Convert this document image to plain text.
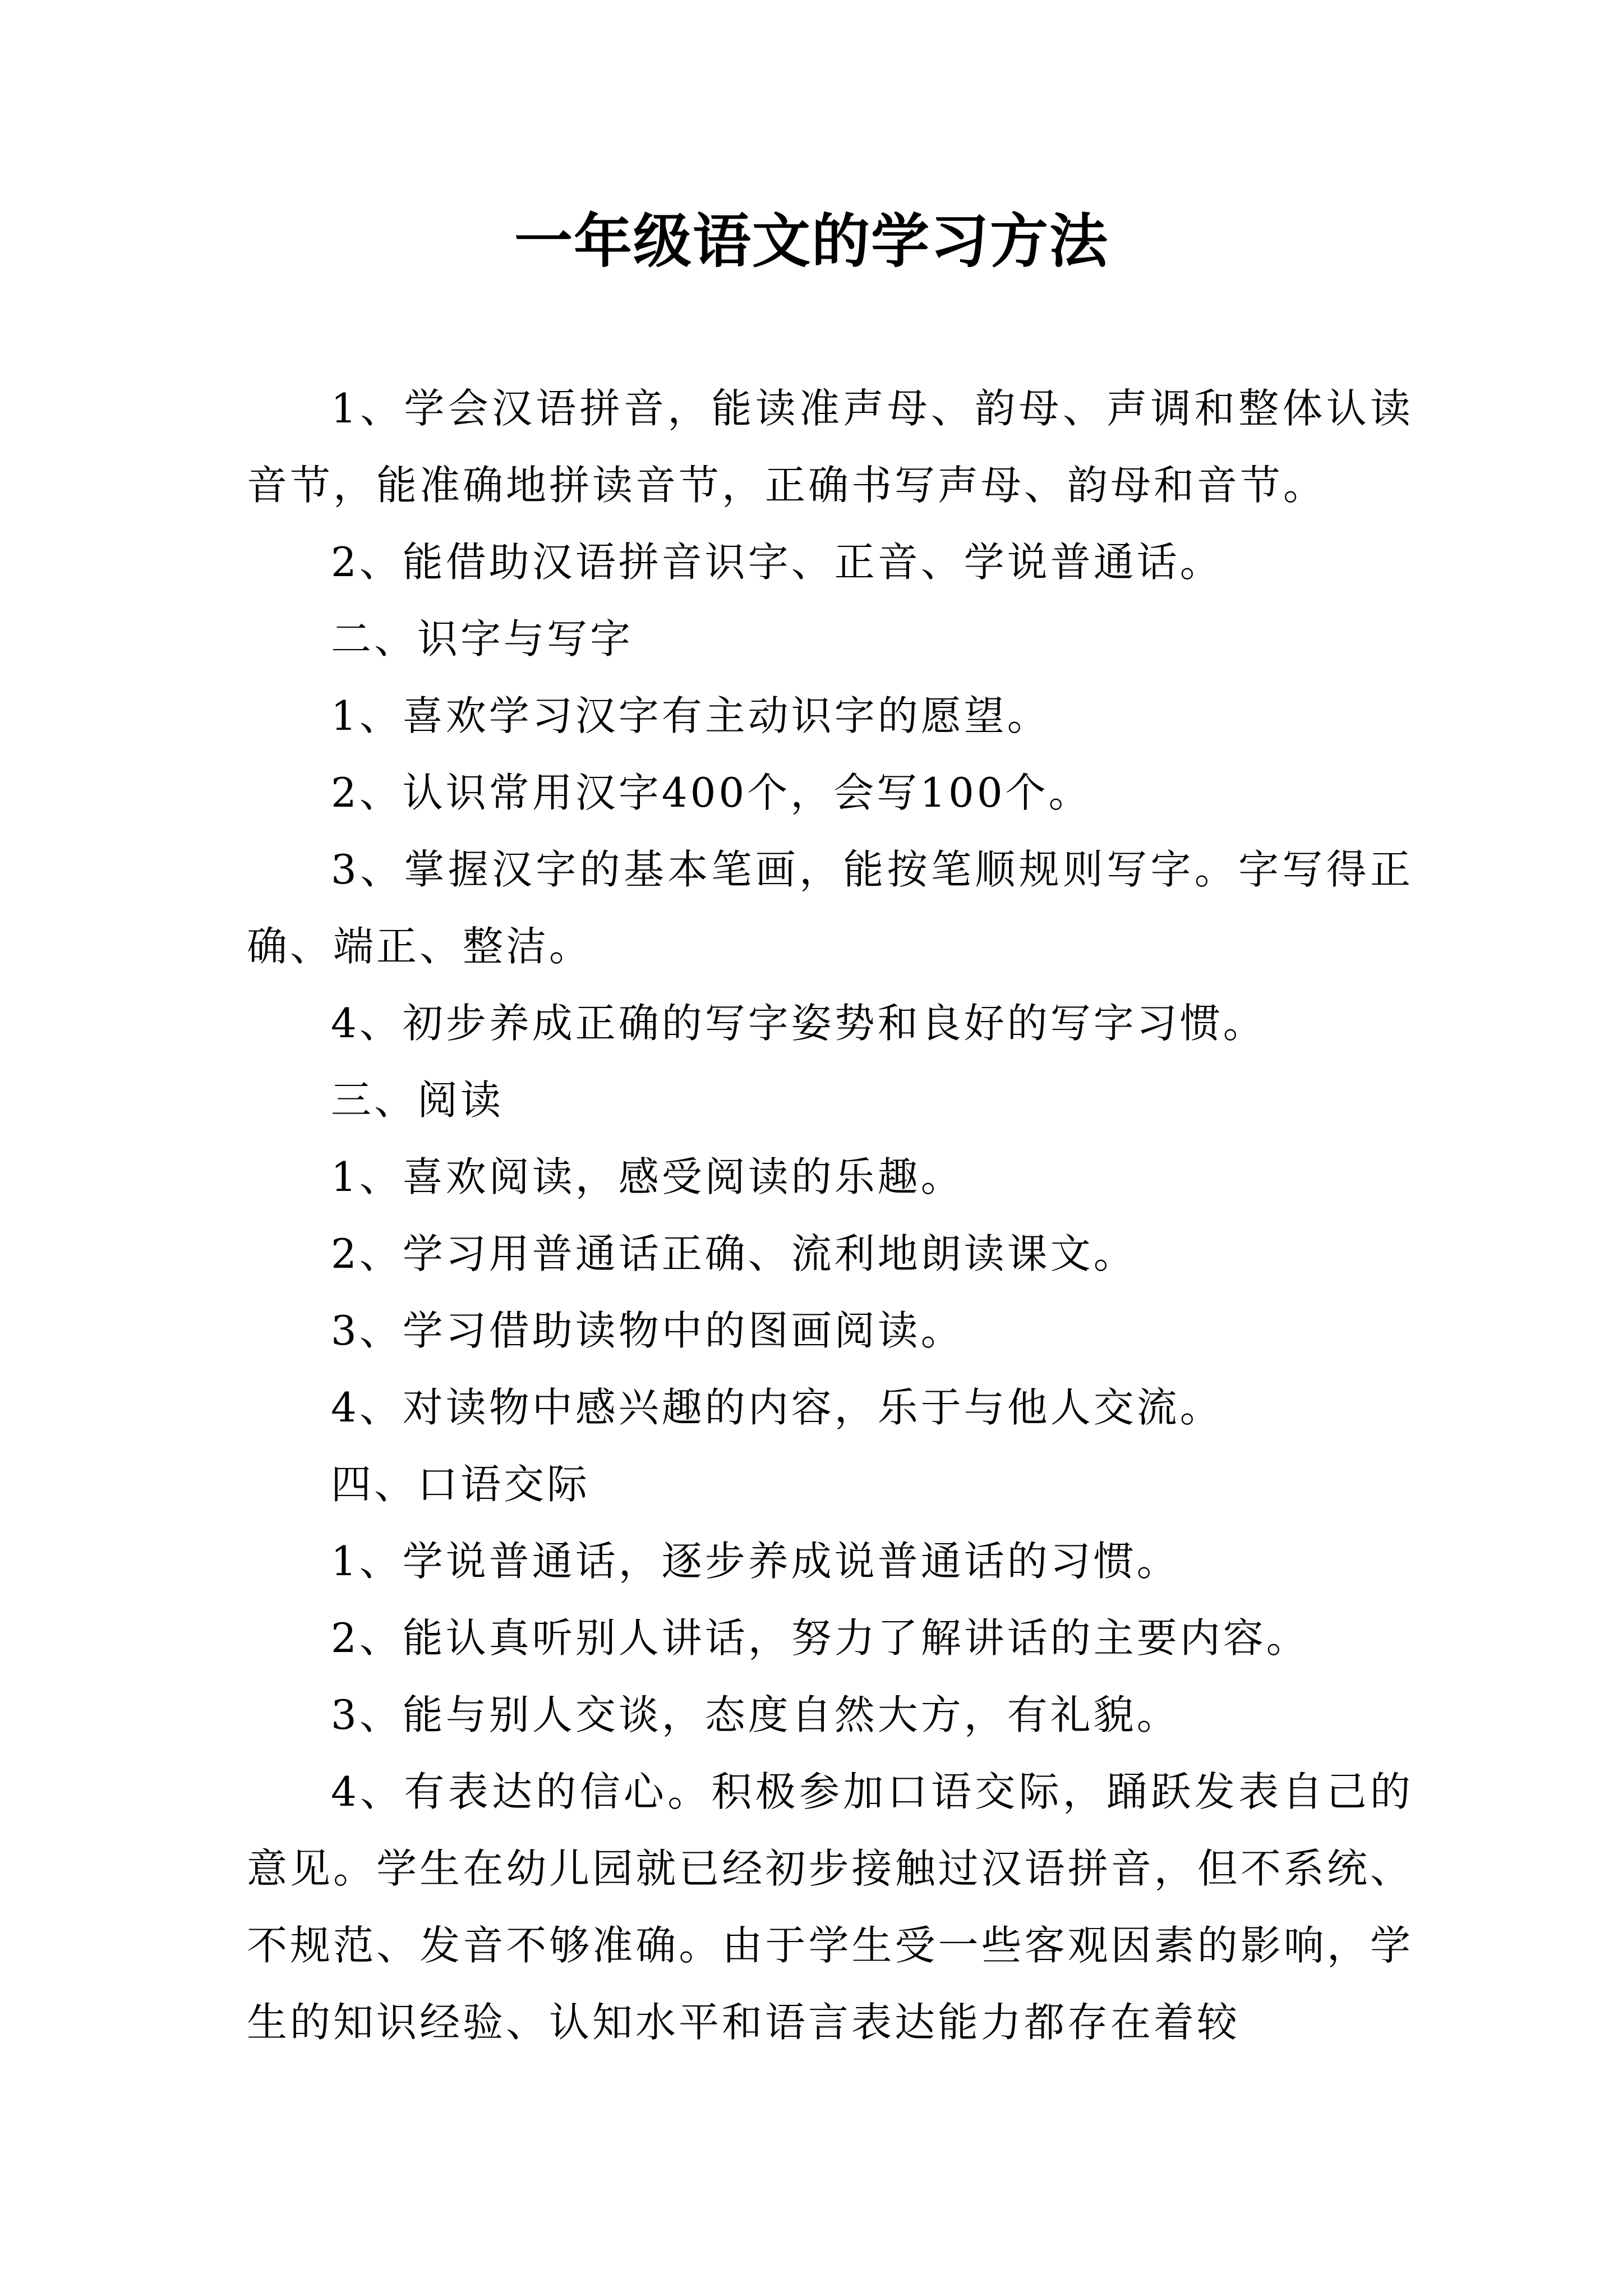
一年级语文的学习方法

1、学会汉语拼音，能读准声母、韵母、声调和整体认读音节，能准确地拼读音节，正确书写声母、韵母和音节。

2、能借助汉语拼音识字、正音、学说普通话。

二、识字与写字

1、喜欢学习汉字有主动识字的愿望。

2、认识常用汉字400个，会写100个。

3、掌握汉字的基本笔画，能按笔顺规则写字。字写得正确、端正、整洁。

4、初步养成正确的写字姿势和良好的写字习惯。

三、阅读

1、喜欢阅读，感受阅读的乐趣。

2、学习用普通话正确、流利地朗读课文。

3、学习借助读物中的图画阅读。

4、对读物中感兴趣的内容，乐于与他人交流。

四、口语交际

1、学说普通话，逐步养成说普通话的习惯。

2、能认真听别人讲话，努力了解讲话的主要内容。

3、能与别人交谈，态度自然大方，有礼貌。

4、有表达的信心。积极参加口语交际，踊跃发表自己的意见。学生在幼儿园就已经初步接触过汉语拼音，但不系统、不规范、发音不够准确。由于学生受一些客观因素的影响，学生的知识经验、认知水平和语言表达能力都存在着较
